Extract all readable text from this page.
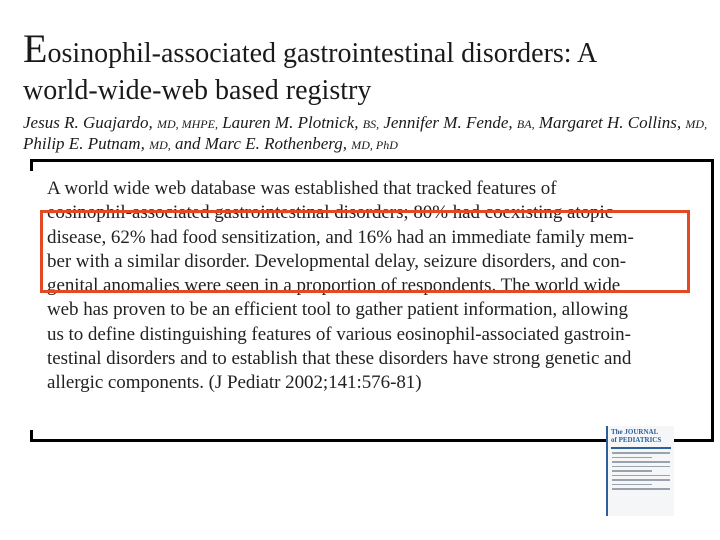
Eosinophil-associated gastrointestinal disorders: A
world-wide-web based registry
Jesus R. Guajardo, MD, MHPE, Lauren M. Plotnick, BS, Jennifer M. Fende, BA, Margaret H. Collins, MD,
Philip E. Putnam, MD, and Marc E. Rothenberg, MD, PhD
A world wide web database was established that tracked features of
eosinophil-associated gastrointestinal disorders; 80% had coexisting atopic
disease, 62% had food sensitization, and 16% had an immediate family mem-
ber with a similar disorder. Developmental delay, seizure disorders, and con-
genital anomalies were seen in a proportion of respondents. The world wide
web has proven to be an efficient tool to gather patient information, allowing
us to define distinguishing features of various eosinophil-associated gastroin-
testinal disorders and to establish that these disorders have strong genetic and
allergic components. (J Pediatr 2002;141:576-81)
The JOURNAL
of PEDIATRICS
